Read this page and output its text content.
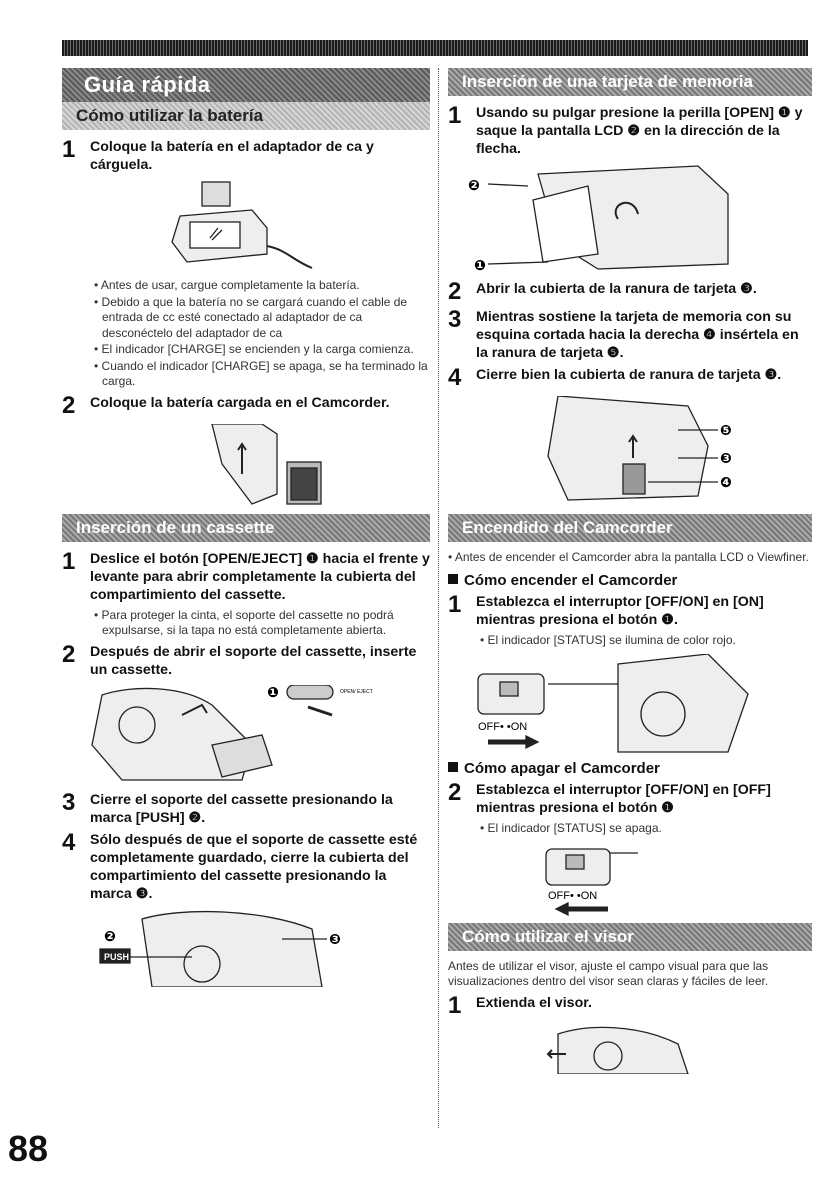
Guía rápida
Cómo utilizar la batería
1	Coloque la batería en el adaptador de ca y cárguela.
• Antes de usar, cargue completamente la batería.
• Debido a que la batería no se cargará cuando el cable de entrada de cc esté conectado al adaptador de ca desconéctelo del adaptador de ca
• El indicador [CHARGE] se encienden y la carga comienza.
• Cuando el indicador [CHARGE] se apaga, se ha terminado la carga.
2	Coloque la batería cargada en el Camcorder.
Inserción de un cassette
1	Deslice el botón [OPEN/EJECT] ❶ hacia el frente y levante para abrir completamente la cubierta del compartimiento del cassette.
• Para proteger la cinta, el soporte del cassette no podrá expulsarse, si la tapa no está completamente abierta.
2	Después de abrir el soporte del cassette, inserte un cassette.
❶	OPEN/ EJECT
3	Cierre el soporte del cassette presionando la marca [PUSH] ❷.
4	Sólo después de que el soporte de cassette esté completamente guardado, cierre la cubierta del compartimiento del cassette presionando la marca ❸.
❷
PUSH
❸
Inserción de una tarjeta de memoria
1	Usando su pulgar presione la perilla [OPEN] ❶ y saque la pantalla LCD ❷ en la dirección de la flecha.
❷
❶
2	Abrir la cubierta de la ranura de tarjeta ❸.
3	Mientras sostiene la tarjeta de memoria con su esquina cortada hacia la derecha ❹ insértela en la ranura de tarjeta ❺.
4	Cierre bien la cubierta de ranura de tarjeta ❸.
❺
❸
❹
Encendido del Camcorder
• Antes de encender el Camcorder abra la pantalla LCD o Viewfiner.
Cómo encender el Camcorder
1	Establezca el interruptor [OFF/ON] en [ON] mientras presiona el botón ❶.
• El indicador [STATUS] se ilumina de color rojo.
OFF• •ON
Cómo apagar el Camcorder
2	Establezca el interruptor [OFF/ON] en [OFF] mientras presiona el botón ❶
• El indicador [STATUS] se apaga.
OFF• •ON
Cómo utilizar el visor
Antes de utilizar el visor, ajuste el campo visual para que las visualizaciones dentro del visor sean claras y fáciles de leer.
1	Extienda el visor.
88
